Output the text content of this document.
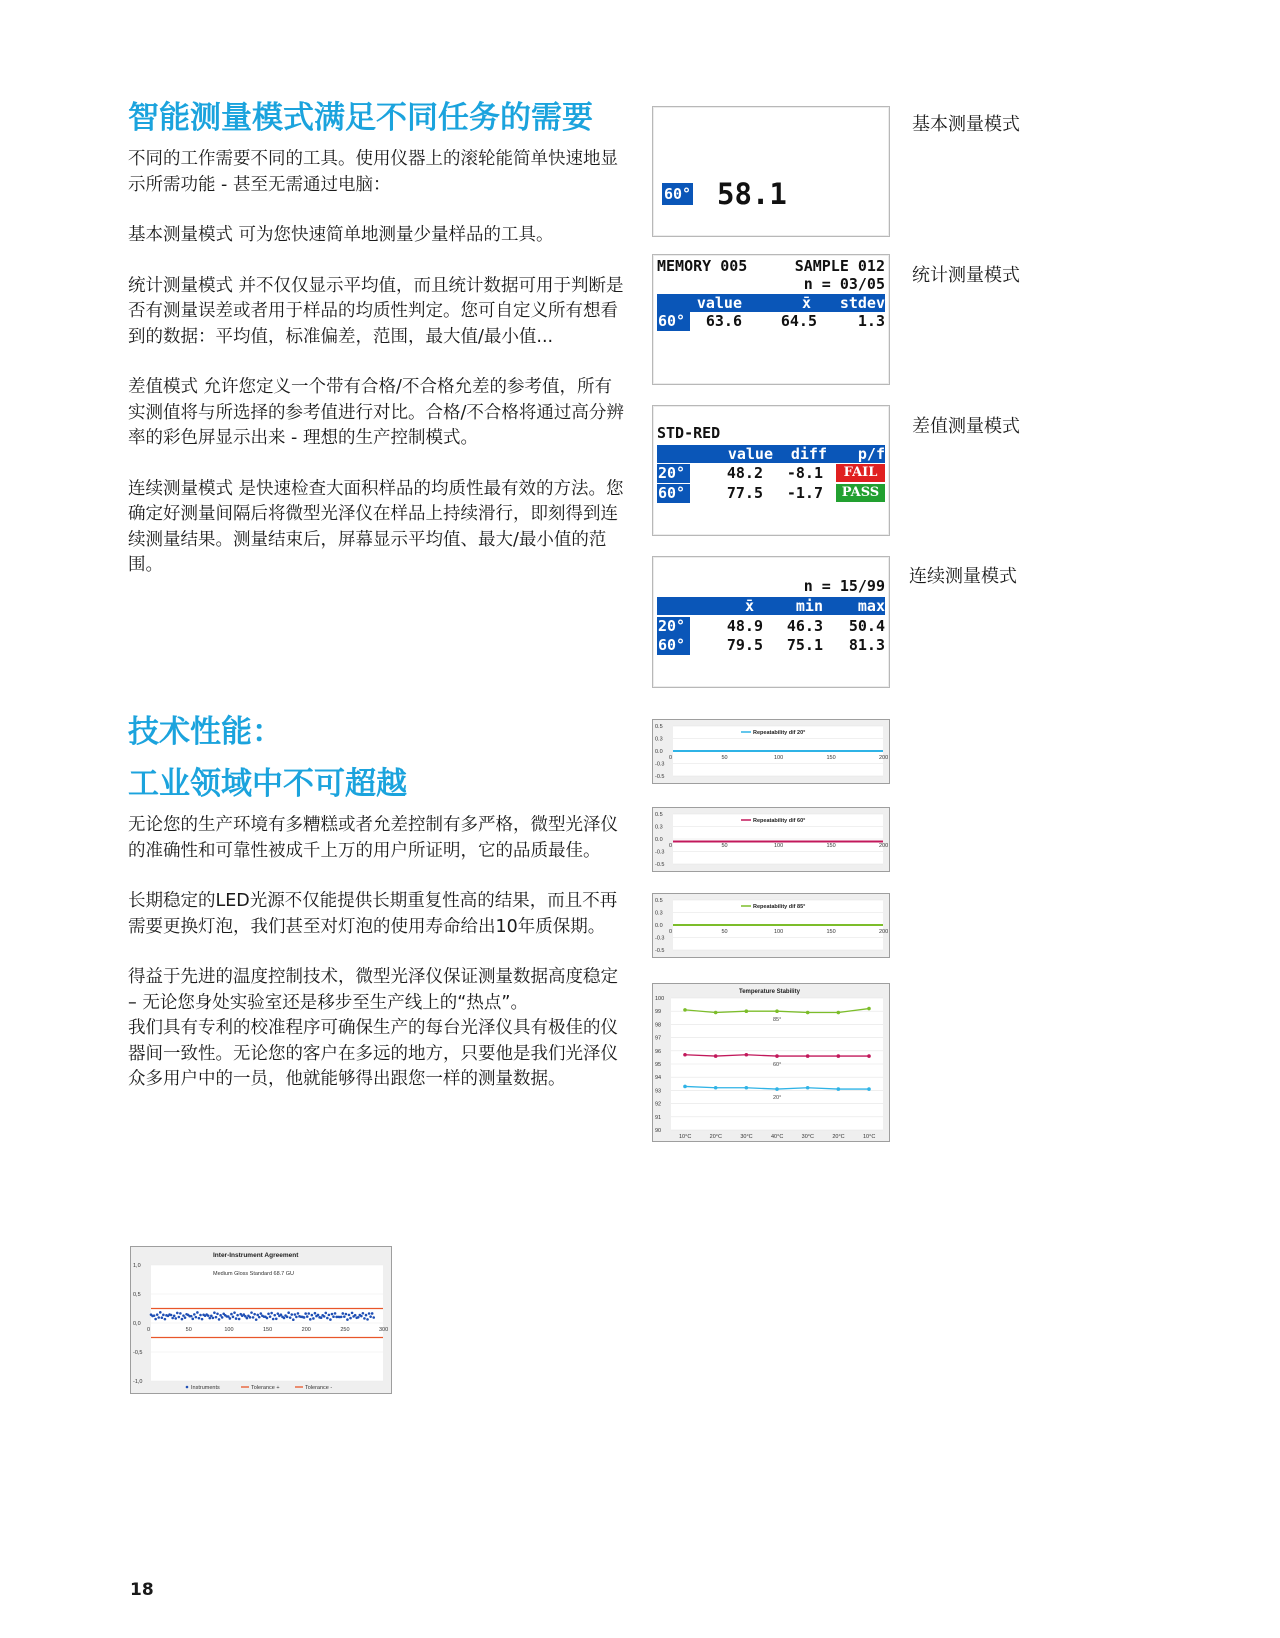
智能测量模式满足不同任务的需要

不同的工作需要不同的工具。使用仪器上的滚轮能简单快速地显示所需功能 - 甚至无需通过电脑：

基本测量模式 可为您快速简单地测量少量样品的工具。

统计测量模式 并不仅仅显示平均值，而且统计数据可用于判断是否有测量误差或者用于样品的均质性判定。您可自定义所有想看到的数据：平均值，标准偏差，范围，最大值/最小值...

差值模式 允许您定义一个带有合格/不合格允差的参考值，所有实测值将与所选择的参考值进行对比。合格/不合格将通过高分辨率的彩色屏显示出来 - 理想的生产控制模式。

连续测量模式 是快速检查大面积样品的均质性最有效的方法。您确定好测量间隔后将微型光泽仪在样品上持续滑行，即刻得到连续测量结果。测量结束后，屏幕显示平均值、最大/最小值的范围。

60° 58.1
基本测量模式
MEMORY 005	SAMPLE 012
n = 03/05
value	x̄ stdev
60°	63.6	64.5	1.3
统计测量模式
STD-RED
value diff p/f
20°	48.2 -8.1	FAIL
60°	77.5 -1.7	PASS
差值测量模式
n = 15/99
x̄	min max
20°	48.9 46.3 50.4
60°	79.5 75.1 81.3
连续测量模式
技术性能：
工业领域中不可超越

无论您的生产环境有多糟糕或者允差控制有多严格，微型光泽仪的准确性和可靠性被成千上万的用户所证明，它的品质最佳。

长期稳定的LED光源不仅能提供长期重复性高的结果，而且不再需要更换灯泡，我们甚至对灯泡的使用寿命给出10年质保期。

得益于先进的温度控制技术，微型光泽仪保证测量数据高度稳定 – 无论您身处实验室还是移步至生产线上的“热点”。
我们具有专利的校准程序可确保生产的每台光泽仪具有极佳的仪器间一致性。无论您的客户在多远的地方，只要他是我们光泽仪众多用户中的一员，他就能够得出跟您一样的测量数据。

0.5
0.3
0.0
-0.3
-0.5
0	50	100	150	200
Repeatability dif 20°
0.5
0.3
0.0
-0.3
-0.5
0	50	100	150	200
Repeatability dif 60°
0.5
0.3
0.0
-0.3
-0.5
0	50	100	150	200
Repeatability dif 85°
Temperature Stability
100
99
98
97
96
95
94
93
92
91
90
10°C	20°C	30°C	40°C	30°C	20°C	10°C
85°
60°
20°
Inter-Instrument Agreement
Medium Gloss Standard 68.7 GU
1,0
0,5
0,0
-0,5
-1,0
0	50	100	150	200	250	300
Instruments	Tolerance +	Tolerance -
18
